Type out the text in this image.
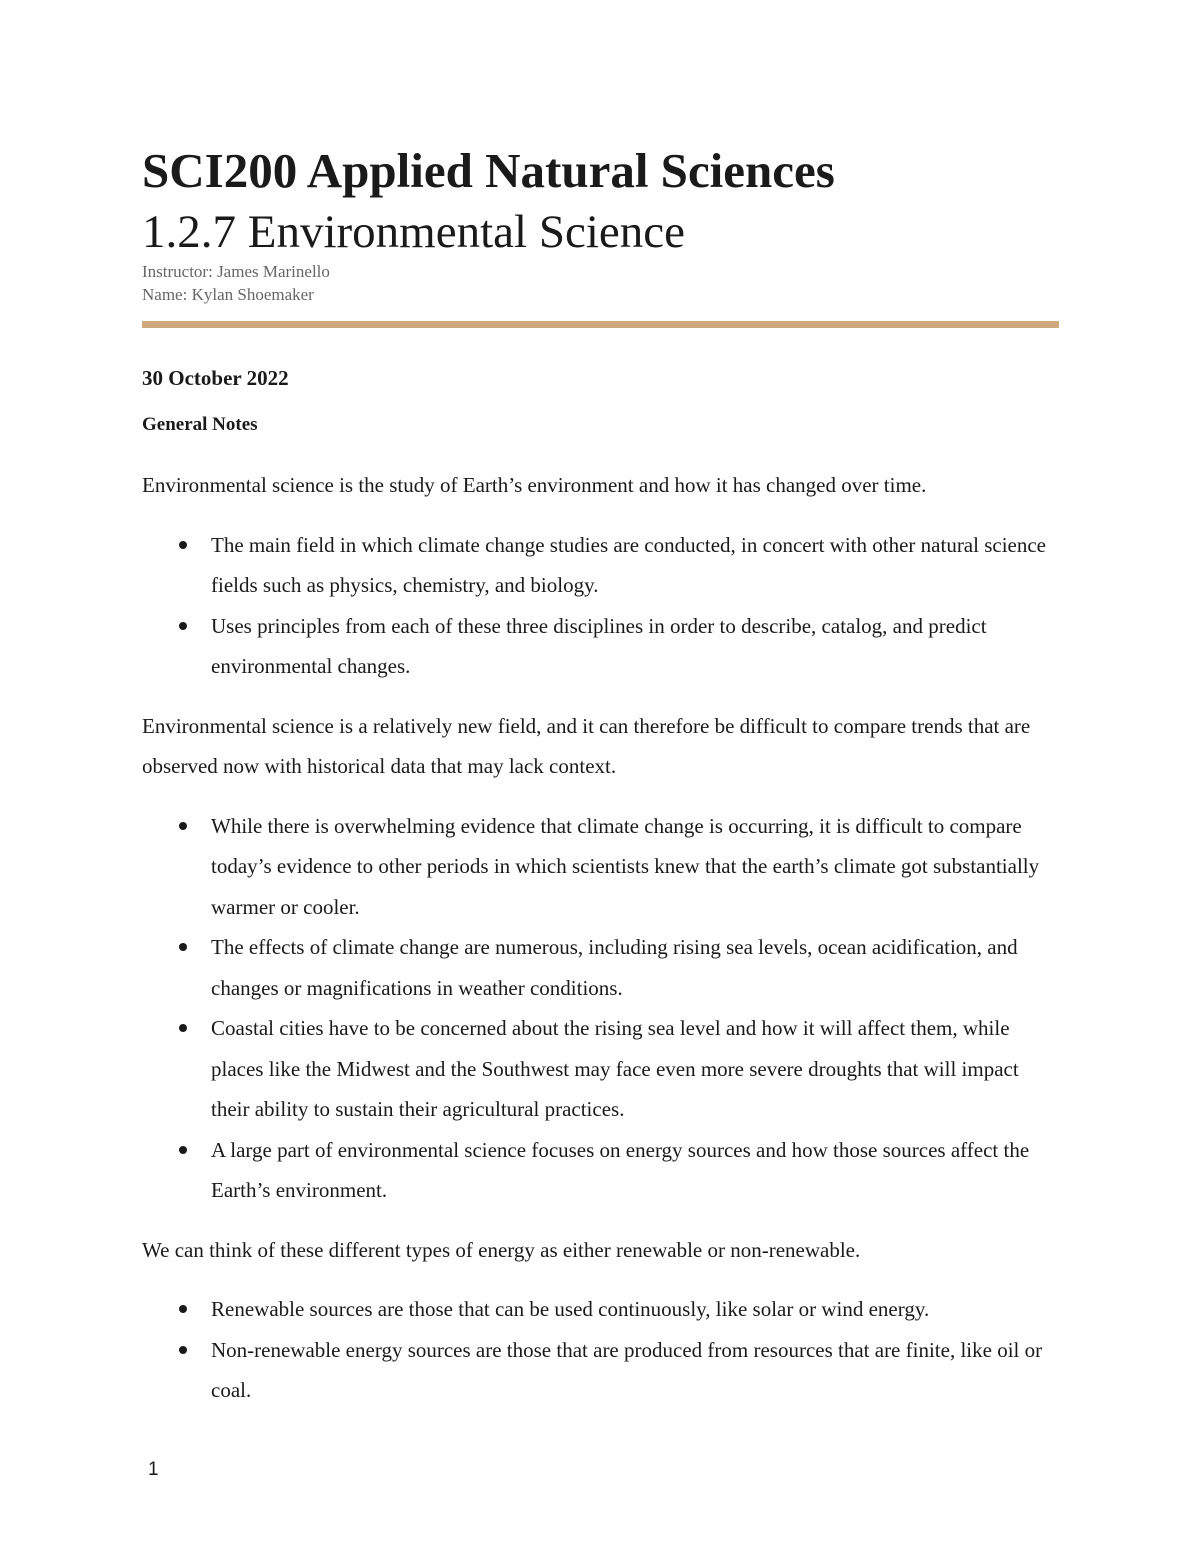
SCI200 Applied Natural Sciences
1.2.7 Environmental Science
Instructor: James Marinello
Name: Kylan Shoemaker
30 October 2022
General Notes

Environmental science is the study of Earth’s environment and how it has changed over time.

The main field in which climate change studies are conducted, in concert with other natural science fields such as physics, chemistry, and biology.
Uses principles from each of these three disciplines in order to describe, catalog, and predict environmental changes.

Environmental science is a relatively new field, and it can therefore be difficult to compare trends that are observed now with historical data that may lack context.

While there is overwhelming evidence that climate change is occurring, it is difficult to compare today’s evidence to other periods in which scientists knew that the earth’s climate got substantially warmer or cooler.
The effects of climate change are numerous, including rising sea levels, ocean acidification, and changes or magnifications in weather conditions.
Coastal cities have to be concerned about the rising sea level and how it will affect them, while places like the Midwest and the Southwest may face even more severe droughts that will impact their ability to sustain their agricultural practices.
A large part of environmental science focuses on energy sources and how those sources affect the Earth’s environment.

We can think of these different types of energy as either renewable or non-renewable.

Renewable sources are those that can be used continuously, like solar or wind energy.
Non-renewable energy sources are those that are produced from resources that are finite, like oil or coal.
1
